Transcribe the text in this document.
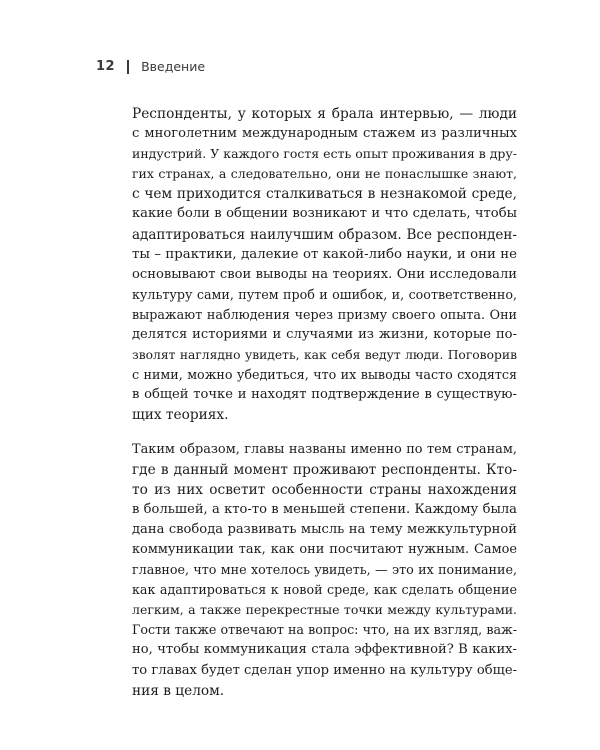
12 Введение

Респонденты, у которых я брала интервью, — люди
с многолетним международным стажем из различных
индустрий. У каждого гостя есть опыт проживания в дру-
гих странах, а следовательно, они не понаслышке знают,
с чем приходится сталкиваться в незнакомой среде,
какие боли в общении возникают и что сделать, чтобы
адаптироваться наилучшим образом. Все респонден-
ты – практики, далекие от какой-либо науки, и они не
основывают свои выводы на теориях. Они исследовали
культуру сами, путем проб и ошибок, и, соответственно,
выражают наблюдения через призму своего опыта. Они
делятся историями и случаями из жизни, которые по-
зволят наглядно увидеть, как себя ведут люди. Поговорив
с ними, можно убедиться, что их выводы часто сходятся
в общей точке и находят подтверждение в существую-
щих теориях.

Таким образом, главы названы именно по тем странам,
где в данный момент проживают респонденты. Кто-
то из них осветит особенности страны нахождения
в большей, а кто-то в меньшей степени. Каждому была
дана свобода развивать мысль на тему межкультурной
коммуникации так, как они посчитают нужным. Самое
главное, что мне хотелось увидеть, — это их понимание,
как адаптироваться к новой среде, как сделать общение
легким, а также перекрестные точки между культурами.
Гости также отвечают на вопрос: что, на их взгляд, важ-
но, чтобы коммуникация стала эффективной? В каких-
то главах будет сделан упор именно на культуру обще-
ния в целом.
